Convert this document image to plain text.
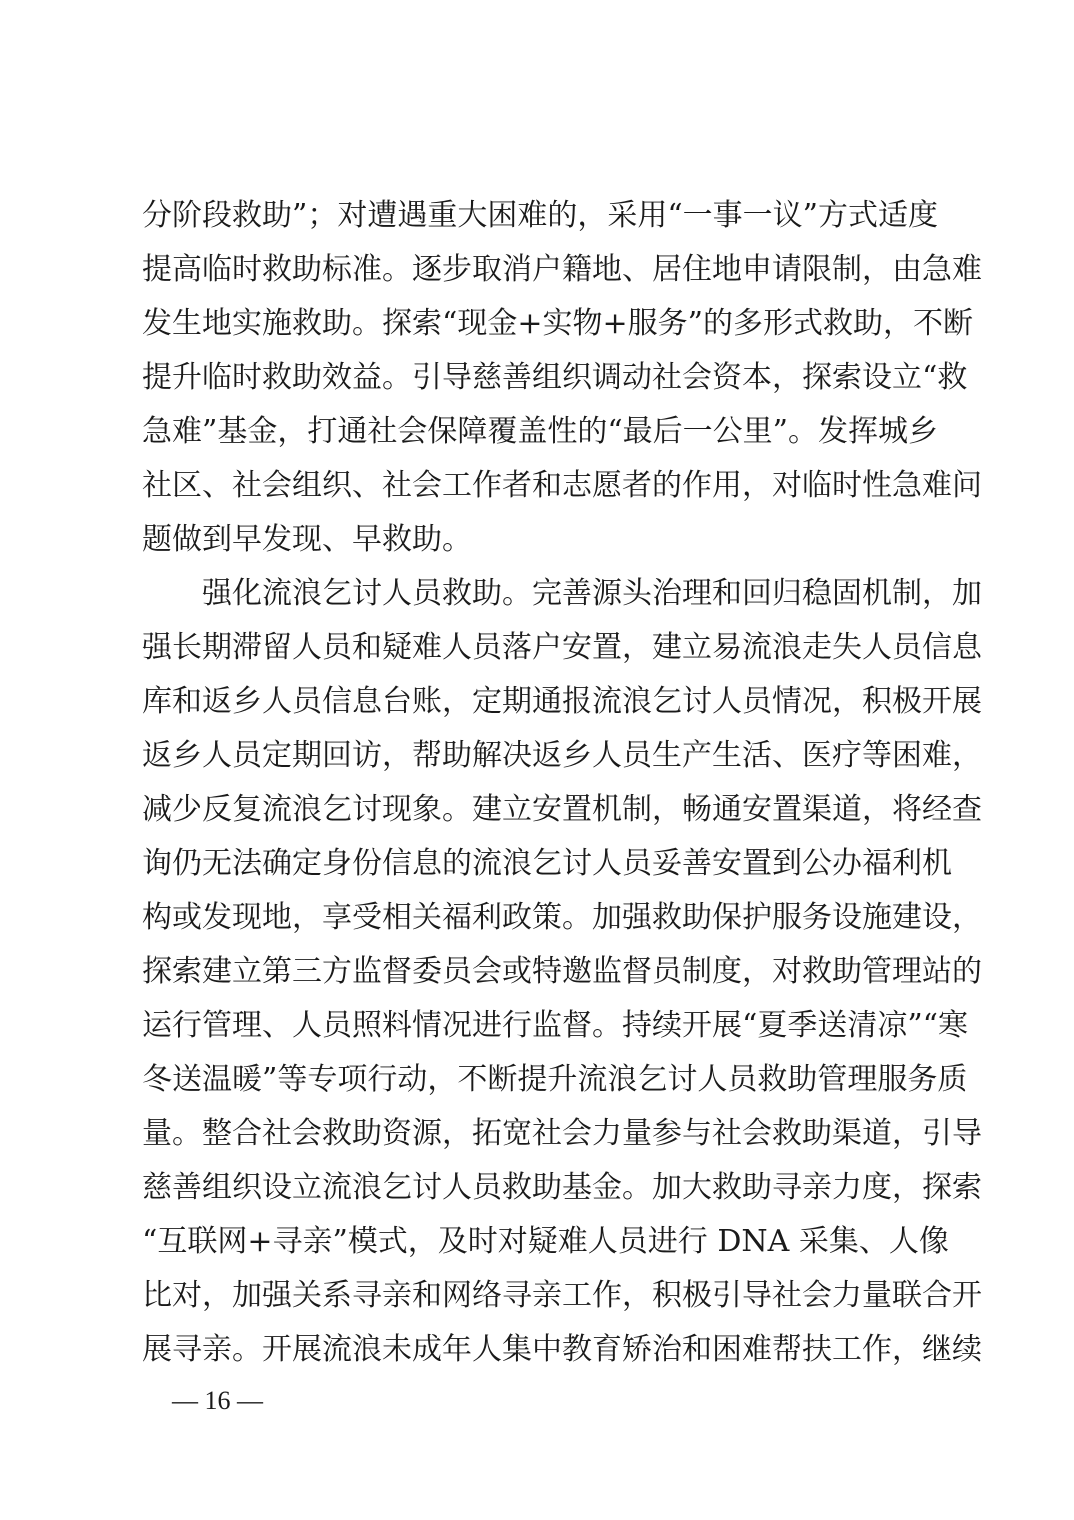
分阶段救助”；对遭遇重大困难的，采用“一事一议”方式适度
提高临时救助标准。逐步取消户籍地、居住地申请限制，由急难
发生地实施救助。探索“现金+实物+服务”的多形式救助，不断
提升临时救助效益。引导慈善组织调动社会资本，探索设立“救
急难”基金，打通社会保障覆盖性的“最后一公里”。发挥城乡
社区、社会组织、社会工作者和志愿者的作用，对临时性急难问
题做到早发现、早救助。
强化流浪乞讨人员救助。完善源头治理和回归稳固机制，加
强长期滞留人员和疑难人员落户安置，建立易流浪走失人员信息
库和返乡人员信息台账，定期通报流浪乞讨人员情况，积极开展
返乡人员定期回访，帮助解决返乡人员生产生活、医疗等困难，
减少反复流浪乞讨现象。建立安置机制，畅通安置渠道，将经查
询仍无法确定身份信息的流浪乞讨人员妥善安置到公办福利机
构或发现地，享受相关福利政策。加强救助保护服务设施建设，
探索建立第三方监督委员会或特邀监督员制度，对救助管理站的
运行管理、人员照料情况进行监督。持续开展“夏季送清凉”“寒
冬送温暖”等专项行动，不断提升流浪乞讨人员救助管理服务质
量。整合社会救助资源，拓宽社会力量参与社会救助渠道，引导
慈善组织设立流浪乞讨人员救助基金。加大救助寻亲力度，探索
“互联网+寻亲”模式，及时对疑难人员进行 DNA 采集、人像
比对，加强关系寻亲和网络寻亲工作，积极引导社会力量联合开
展寻亲。开展流浪未成年人集中教育矫治和困难帮扶工作，继续
— 16 —
